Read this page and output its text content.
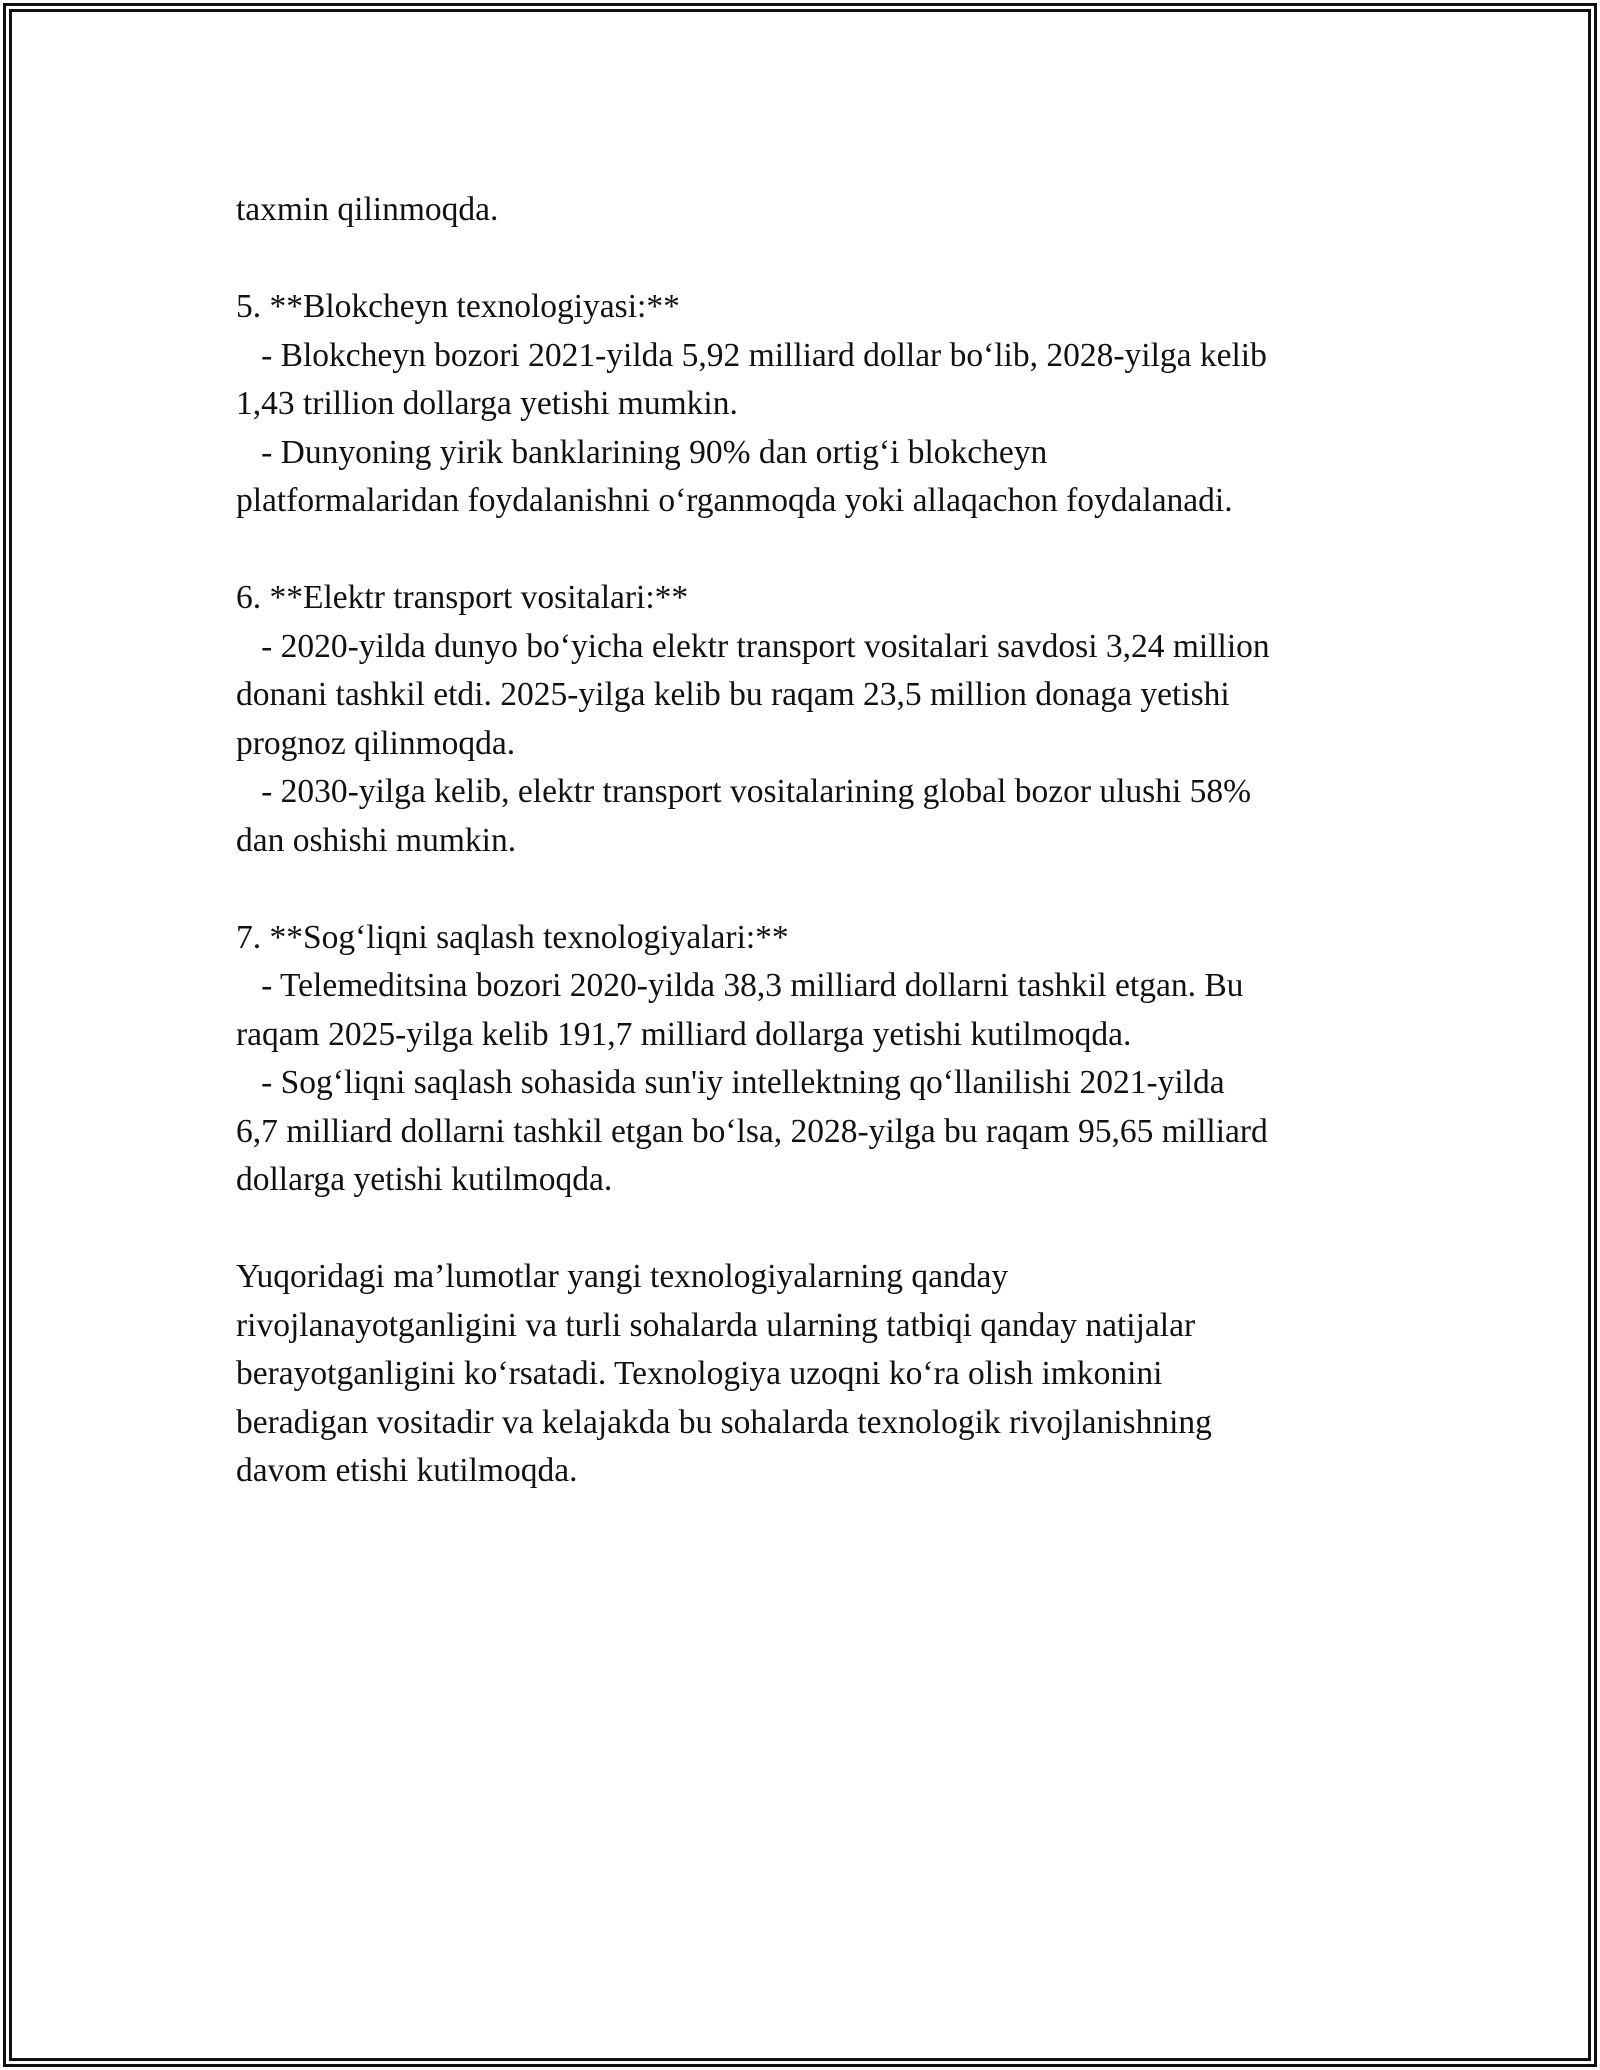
taxmin qilinmoqda.

5. **Blokcheyn texnologiyasi:**

- Blokcheyn bozori 2021-yilda 5,92 milliard dollar bo‘lib, 2028-yilga kelib

1,43 trillion dollarga yetishi mumkin.

- Dunyoning yirik banklarining 90% dan ortig‘i blokcheyn

platformalaridan foydalanishni o‘rganmoqda yoki allaqachon foydalanadi.

6. **Elektr transport vositalari:**

- 2020-yilda dunyo bo‘yicha elektr transport vositalari savdosi 3,24 million

donani tashkil etdi. 2025-yilga kelib bu raqam 23,5 million donaga yetishi

prognoz qilinmoqda.

- 2030-yilga kelib, elektr transport vositalarining global bozor ulushi 58%

dan oshishi mumkin.

7. **Sog‘liqni saqlash texnologiyalari:**

- Telemeditsina bozori 2020-yilda 38,3 milliard dollarni tashkil etgan. Bu

raqam 2025-yilga kelib 191,7 milliard dollarga yetishi kutilmoqda.

- Sog‘liqni saqlash sohasida sun'iy intellektning qo‘llanilishi 2021-yilda

6,7 milliard dollarni tashkil etgan bo‘lsa, 2028-yilga bu raqam 95,65 milliard

dollarga yetishi kutilmoqda.

Yuqoridagi ma’lumotlar yangi texnologiyalarning qanday

rivojlanayotganligini va turli sohalarda ularning tatbiqi qanday natijalar

berayotganligini ko‘rsatadi. Texnologiya uzoqni ko‘ra olish imkonini

beradigan vositadir va kelajakda bu sohalarda texnologik rivojlanishning

davom etishi kutilmoqda.
